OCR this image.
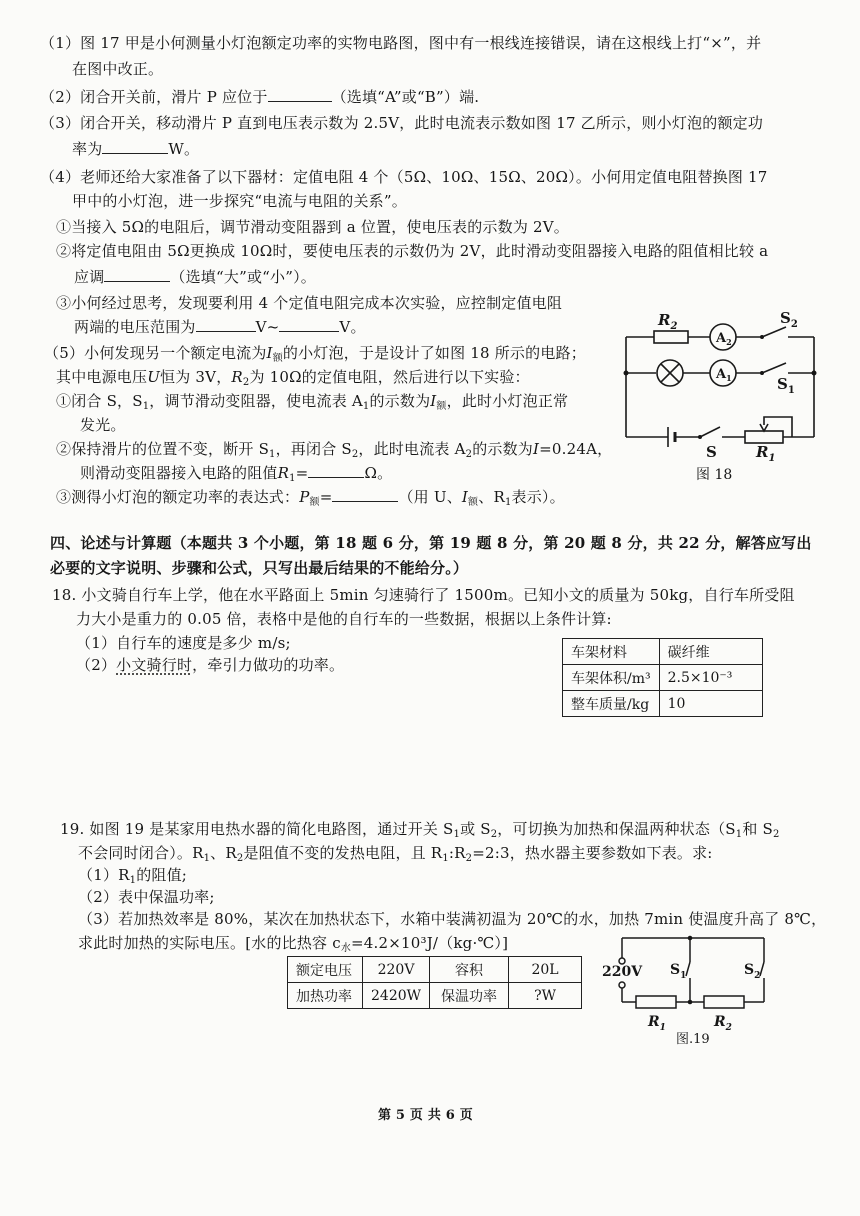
（1）图 17 甲是小何测量小灯泡额定功率的实物电路图，图中有一根线连接错误，请在这根线上打“×”，并
在图中改正。
（2）闭合开关前，滑片 P 应位于	（选填“A”或“B”）端.
（3）闭合开关，移动滑片 P 直到电压表示数为 2.5V，此时电流表示数如图 17 乙所示，则小灯泡的额定功
率为	W。
（4）老师还给大家准备了以下器材：定值电阻 4 个（5Ω、10Ω、15Ω、20Ω）。小何用定值电阻替换图 17
甲中的小灯泡，进一步探究“电流与电阻的关系”。
①当接入 5Ω的电阻后，调节滑动变阻器到 a 位置，使电压表的示数为 2V。
②将定值电阻由 5Ω更换成 10Ω时，要使电压表的示数仍为 2V，此时滑动变阻器接入电路的阻值相比较 a
应调	（选填“大”或“小”）。
③小何经过思考，发现要利用 4 个定值电阻完成本次实验，应控制定值电阻
两端的电压范围为	V~	V。
（5）小何发现另一个额定电流为$I_额$的小灯泡，于是设计了如图 18 所示的电路；
其中电源电压U恒为 3V，$R_2$为 10Ω的定值电阻，然后进行以下实验：
①闭合 S，$S_1$，调节滑动变阻器，使电流表 $A_1$的示数为$I_额$，此时小灯泡正常
发光。
②保持滑片的位置不变，断开 $S_1$，再闭合 $S_2$，此时电流表 $A_2$的示数为I=0.24A，
则滑动变阻器接入电路的阻值$R_1=$	Ω。
③测得小灯泡的额定功率的表达式：$P_额=$	（用 U、$I_额$、$R_1$表示）。
$R_2$
$A_2$
$A_1$
$S_2$
$S_1$
S	$R_1$
图 18
四、论述与计算题（本题共 3 个小题，第 18 题 6 分，第 19 题 8 分，第 20 题 8 分，共 22 分，解答应写出
必要的文字说明、步骤和公式，只写出最后结果的不能给分。）
18. 小文骑自行车上学，他在水平路面上 5min 匀速骑行了 1500m。已知小文的质量为 50kg，自行车所受阻
力大小是重力的 0.05 倍，表格中是他的自行车的一些数据，根据以上条件计算:
（1）自行车的速度是多少 m/s;
（2）小文骑行时，牵引力做功的功率。
车架材料	碳纤维
车架体积/m³	2.5×10⁻³
整车质量/kg	10
19. 如图 19 是某家用电热水器的简化电路图，通过开关 $S_1$或 $S_2$，可切换为加热和保温两种状态（$S_1$和 $S_2$
不会同时闭合）。$R_1$、$R_2$是阻值不变的发热电阻，且 $R_1:R_2=2:3$，热水器主要参数如下表。求:
$(1)R_1$的阻值;
（2）表中保温功率;
（3）若加热效率是 80%，某次在加热状态下，水箱中装满初温为 20℃的水，加热 7min 使温度升高了 8℃，
求此时加热的实际电压。[水的比热容 $c_水=4.2\times 10^3J/(kg\cdot℃)$]
额定电压	220V	容积	20L
加热功率	2420W	保温功率	?W
220V $S_1$	$S_2$
$R_1$	$R_2$
图.19
第 5 页 共 6 页
